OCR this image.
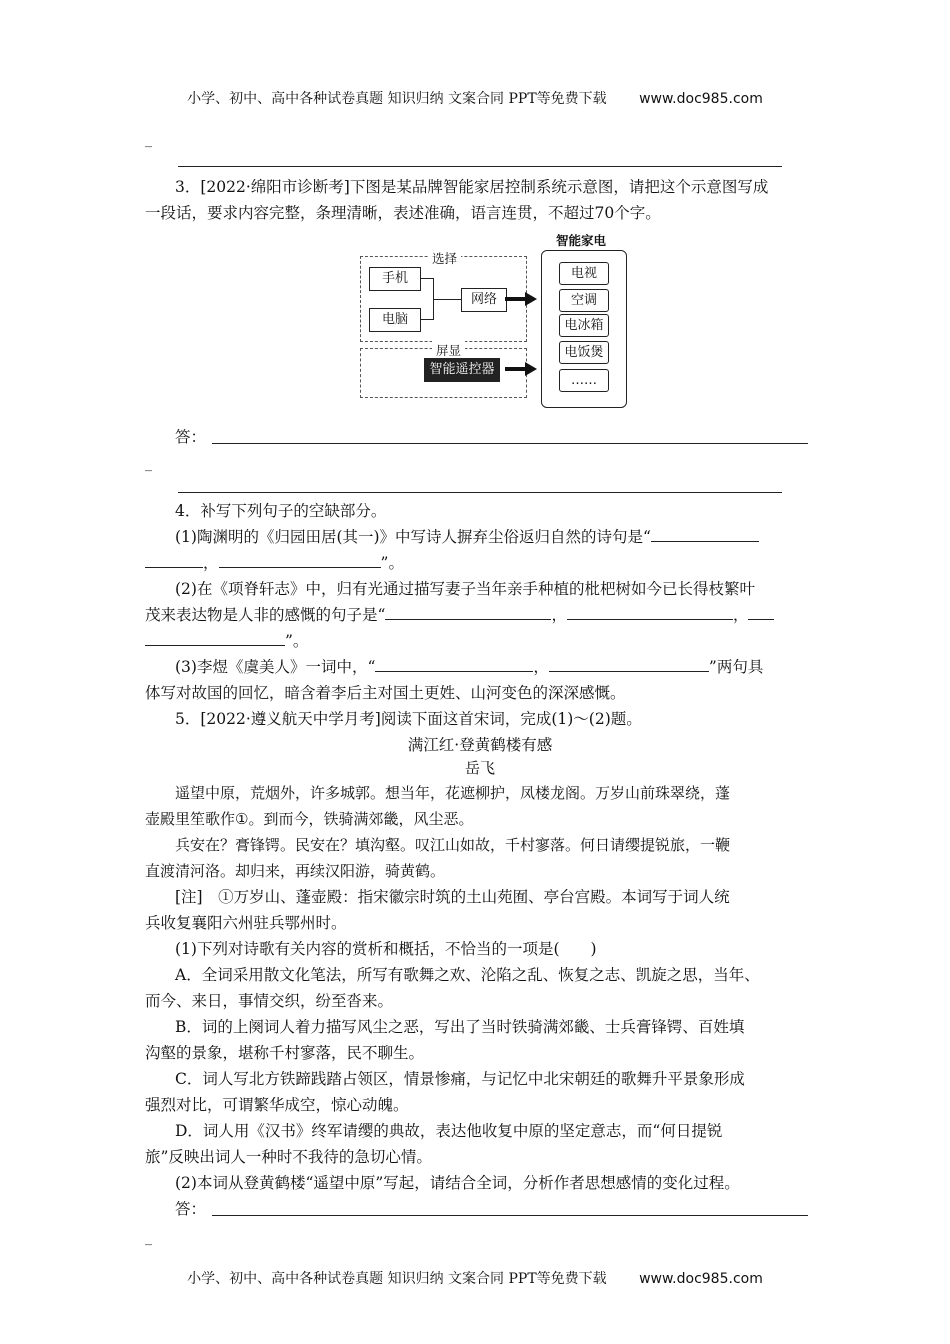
小学、初中、高中各种试卷真题 知识归纳 文案合同 PPT等免费下载 www.doc985.com
_
3．[2022·绵阳市诊断考]下图是某品牌智能家居控制系统示意图，请把这个示意图写成
一段话，要求内容完整，条理清晰，表述准确，语言连贯，不超过70个字。
选择
手机
电脑
网络
屏显
智能遥控器
智能家电
电视
空调
电冰箱
电饭煲
……
答：
_
4．补写下列句子的空缺部分。
(1)陶渊明的《归园田居(其一)》中写诗人摒弃尘俗返归自然的诗句是“
，	”。
(2)在《项脊轩志》中，归有光通过描写妻子当年亲手种植的枇杷树如今已长得枝繁叶
茂来表达物是人非的感慨的句子是“	，	，
”。
(3)李煜《虞美人》一词中，“	，	”两句具
体写对故国的回忆，暗含着李后主对国土更姓、山河变色的深深感慨。
5．[2022·遵义航天中学月考]阅读下面这首宋词，完成(1)～(2)题。
满江红·登黄鹤楼有感
岳飞
遥望中原，荒烟外，许多城郭。想当年，花遮柳护，凤楼龙阁。万岁山前珠翠绕，蓬
壶殿里笙歌作①。到而今，铁骑满郊畿，风尘恶。
兵安在？膏锋锷。民安在？填沟壑。叹江山如故，千村寥落。何日请缨提锐旅，一鞭
直渡清河洛。却归来，再续汉阳游，骑黄鹤。
[注]　①万岁山、蓬壶殿：指宋徽宗时筑的土山苑囿、亭台宫殿。本词写于词人统
兵收复襄阳六州驻兵鄂州时。
(1)下列对诗歌有关内容的赏析和概括，不恰当的一项是(　　)
A．全词采用散文化笔法，所写有歌舞之欢、沦陷之乱、恢复之志、凯旋之思，当年、
而今、来日，事情交织，纷至沓来。
B．词的上阕词人着力描写风尘之恶，写出了当时铁骑满郊畿、士兵膏锋锷、百姓填
沟壑的景象，堪称千村寥落，民不聊生。
C．词人写北方铁蹄践踏占领区，情景惨痛，与记忆中北宋朝廷的歌舞升平景象形成
强烈对比，可谓繁华成空，惊心动魄。
D．词人用《汉书》终军请缨的典故，表达他收复中原的坚定意志，而“何日提锐
旅”反映出词人一种时不我待的急切心情。
(2)本词从登黄鹤楼“遥望中原”写起，请结合全词，分析作者思想感情的变化过程。
答：
_
小学、初中、高中各种试卷真题 知识归纳 文案合同 PPT等免费下载 www.doc985.com
